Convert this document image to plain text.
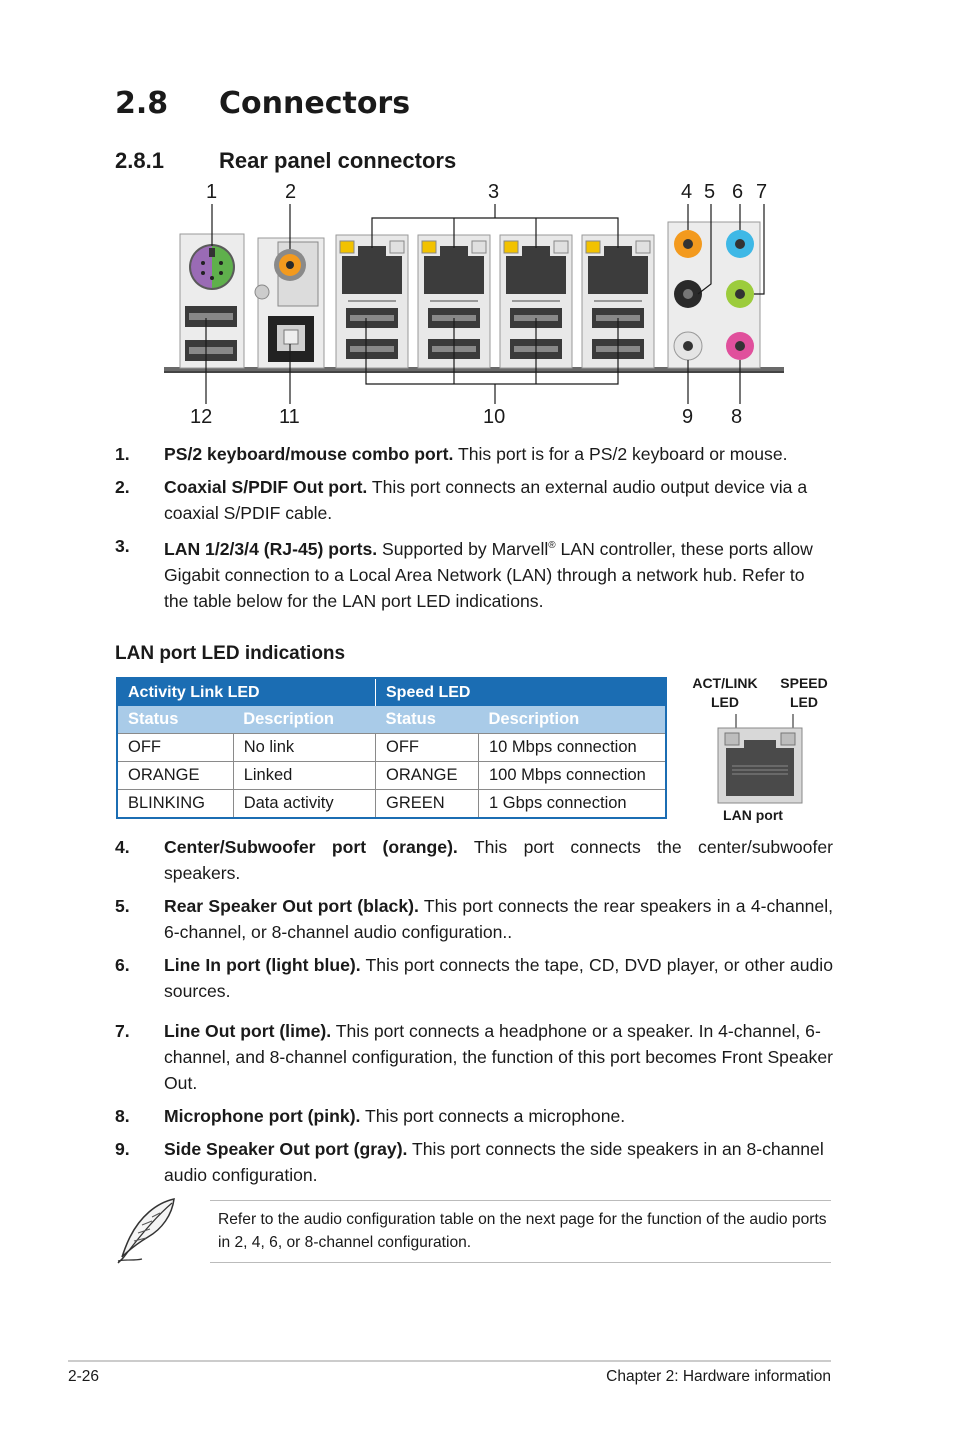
2.8 Connectors
2.8.1	Rear panel connectors
1	2	3	4 5 6 7
12	11	10	9 8
1. PS/2 keyboard/mouse combo port. This port is for a PS/2 keyboard or mouse.
2. Coaxial S/PDIF Out port. This port connects an external audio output device via a coaxial S/PDIF cable.
3. LAN 1/2/3/4 (RJ-45) ports. Supported by Marvell® LAN controller, these ports allow Gigabit connection to a Local Area Network (LAN) through a network hub. Refer to the table below for the LAN port LED indications.
LAN port LED indications
Activity Link LED		Speed LED	
Status	Description	Status	Description
OFF	No link	OFF	10 Mbps connection
ORANGE	Linked	ORANGE	100 Mbps connection
BLINKING	Data activity	GREEN	1 Gbps connection
ACT/LINK
LED
SPEED
LED
LAN port
4. Center/Subwoofer port (orange). This port connects the center/subwoofer speakers.
5. Rear Speaker Out port (black). This port connects the rear speakers in a 4-channel, 6-channel, or 8-channel audio configuration..
6. Line In port (light blue). This port connects the tape, CD, DVD player, or other audio sources.
7. Line Out port (lime). This port connects a headphone or a speaker. In 4-channel, 6-channel, and 8-channel configuration, the function of this port becomes Front Speaker Out.
8. Microphone port (pink). This port connects a microphone.
9. Side Speaker Out port (gray). This port connects the side speakers in an 8-channel audio configuration.
Refer to the audio configuration table on the next page for the function of the audio ports in 2, 4, 6, or 8-channel configuration.
2-26	Chapter 2: Hardware information
